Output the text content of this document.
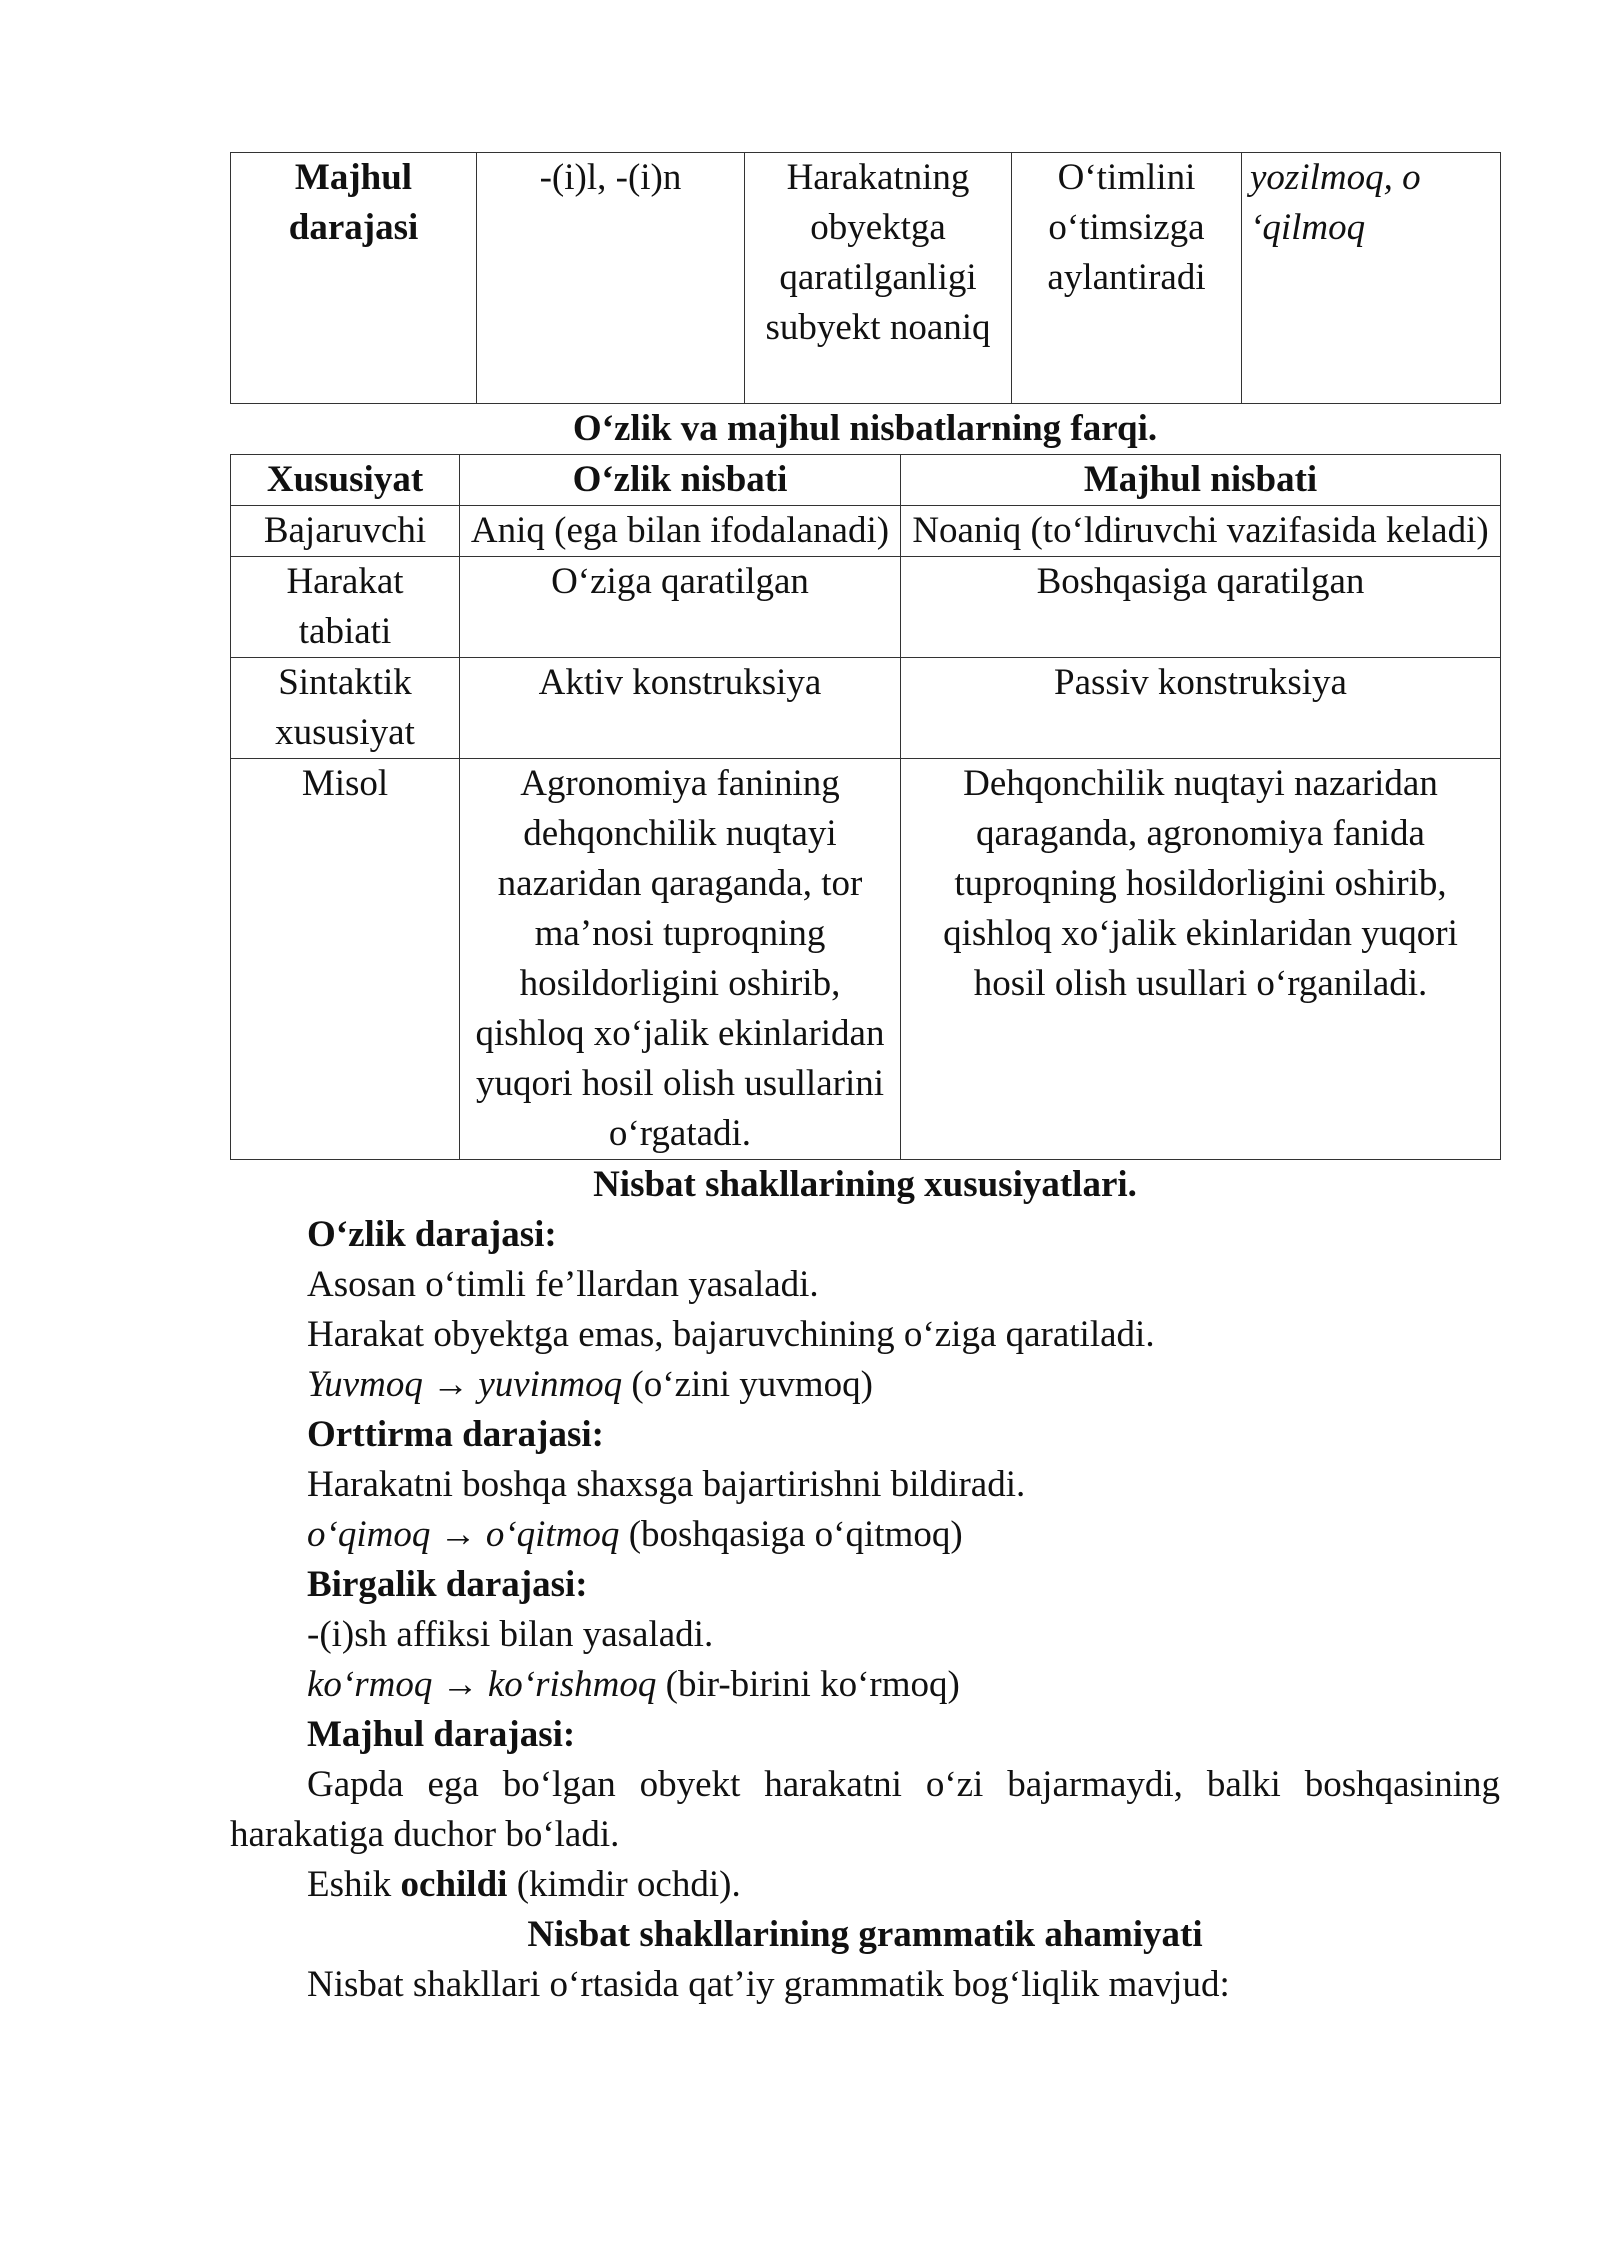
Majhul darajasi	-(i)l, -(i)n	Harakatning obyektga qaratilganligi subyekt noaniq	O‘timlini o‘timsizga aylantiradi	yozilmoq, o ‘qilmoq
O‘zlik va majhul nisbatlarning farqi.
Xususiyat	O‘zlik nisbati	Majhul nisbati
Bajaruvchi	Aniq (ega bilan ifodalanadi)	Noaniq (to‘ldiruvchi vazifasida keladi)
Harakat tabiati	O‘ziga qaratilgan	Boshqasiga qaratilgan
Sintaktik xususiyat	Aktiv konstruksiya	Passiv konstruksiya
Misol	Agronomiya fanining dehqonchilik nuqtayi nazaridan qaraganda, tor ma’nosi tuproqning hosildorligini oshirib, qishloq xo‘jalik ekinlaridan yuqori hosil olish usullarini o‘rgatadi.	Dehqonchilik nuqtayi nazaridan qaraganda, agronomiya fanida tuproqning hosildorligini oshirib, qishloq xo‘jalik ekinlaridan yuqori hosil olish usullari o‘rganiladi.
Nisbat shakllarining xususiyatlari.
O‘zlik darajasi:
Asosan o‘timli fe’llardan yasaladi.
Harakat obyektga emas, bajaruvchining o‘ziga qaratiladi.
Yuvmoq → yuvinmoq (o‘zini yuvmoq)
Orttirma darajasi:
Harakatni boshqa shaxsga bajartirishni bildiradi.
o‘qimoq → o‘qitmoq (boshqasiga o‘qitmoq)
Birgalik darajasi:
-(i)sh affiksi bilan yasaladi.
ko‘rmoq → ko‘rishmoq (bir-birini ko‘rmoq)
Majhul darajasi:
Gapda ega bo‘lgan obyekt harakatni o‘zi bajarmaydi, balki boshqasining harakatiga duchor bo‘ladi.
Eshik ochildi (kimdir ochdi).
Nisbat shakllarining grammatik ahamiyati
Nisbat shakllari o‘rtasida qat’iy grammatik bog‘liqlik mavjud:
